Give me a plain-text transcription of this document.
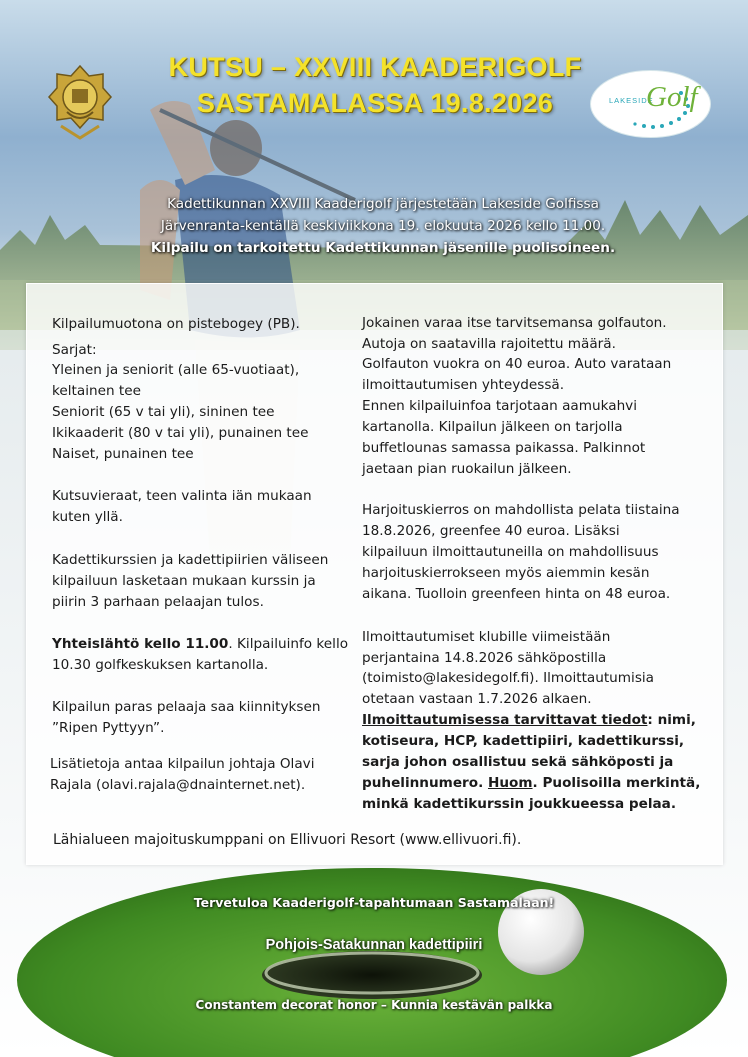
KUTSU – XXVIII KAADERIGOLF
SASTAMALASSA 19.8.2026	LAKESIDE
Golf
Kadettikunnan XXVIII Kaaderigolf järjestetään Lakeside Golfissa
Järvenranta-kentällä keskiviikkona 19. elokuuta 2026 kello 11.00.
Kilpailu on tarkoitettu Kadettikunnan jäsenille puolisoineen.
Kilpailumuotona on pistebogey (PB).
Sarjat:
Yleinen ja seniorit (alle 65-vuotiaat),
keltainen tee
Seniorit (65 v tai yli), sininen tee
Ikikaaderit (80 v tai yli), punainen tee
Naiset, punainen tee
Kutsuvieraat, teen valinta iän mukaan
kuten yllä.
Kadettikurssien ja kadettipiirien väliseen
kilpailuun lasketaan mukaan kurssin ja
piirin 3 parhaan pelaajan tulos.
Yhteislähtö kello 11.00. Kilpailuinfo kello
10.30 golfkeskuksen kartanolla.
Kilpailun paras pelaaja saa kiinnityksen
”Ripen Pyttyyn”.
Lisätietoja antaa kilpailun johtaja Olavi
Rajala (olavi.rajala@dnainternet.net).
Jokainen varaa itse tarvitsemansa golfauton.
Autoja on saatavilla rajoitettu määrä.
Golfauton vuokra on 40 euroa. Auto varataan
ilmoittautumisen yhteydessä.
Ennen kilpailuinfoa tarjotaan aamukahvi
kartanolla. Kilpailun jälkeen on tarjolla
buffetlounas samassa paikassa. Palkinnot
jaetaan pian ruokailun jälkeen.
Harjoituskierros on mahdollista pelata tiistaina
18.8.2026, greenfee 40 euroa. Lisäksi
kilpailuun ilmoittautuneilla on mahdollisuus
harjoituskierrokseen myös aiemmin kesän
aikana. Tuolloin greenfeen hinta on 48 euroa.
Ilmoittautumiset klubille viimeistään
perjantaina 14.8.2026 sähköpostilla
(toimisto@lakesidegolf.fi). Ilmoittautumisia
otetaan vastaan 1.7.2026 alkaen.
Ilmoittautumisessa tarvittavat tiedot: nimi,
kotiseura, HCP, kadettipiiri, kadettikurssi,
sarja johon osallistuu sekä sähköposti ja
puhelinnumero. Huom. Puolisoilla merkintä,
minkä kadettikurssin joukkueessa pelaa.
Lähialueen majoituskumppani on Ellivuori Resort (www.ellivuori.fi).
Tervetuloa Kaaderigolf-tapahtumaan Sastamalaan!
Pohjois-Satakunnan kadettipiiri
Constantem decorat honor – Kunnia kestävän palkka
